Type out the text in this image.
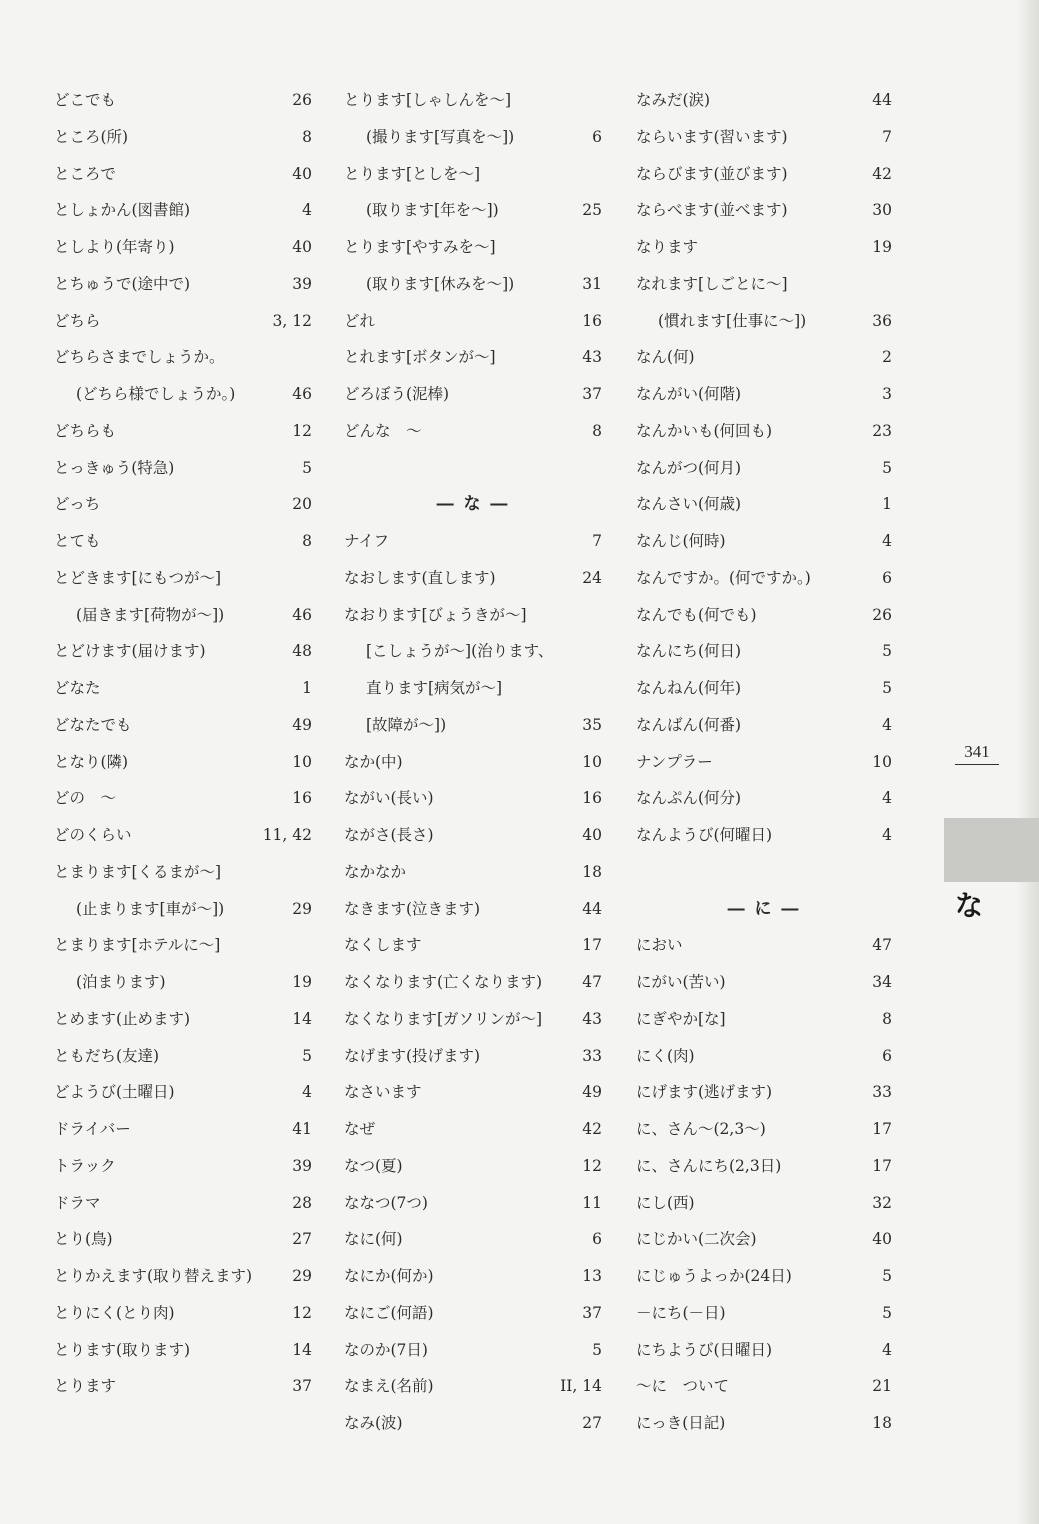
どこでも	26
ところ(所)	8
ところで	40
としょかん(図書館)	4
としより(年寄り)	40
とちゅうで(途中で)	39
どちら	3, 12
どちらさまでしょうか。
(どちら様でしょうか。)	46
どちらも	12
とっきゅう(特急)	5
どっち	20
とても	8
とどきます[にもつが～]
(届きます[荷物が～])	46
とどけます(届けます)	48
どなた	1
どなたでも	49
となり(隣)	10
どの　～	16
どのくらい	11, 42
とまります[くるまが～]
(止まります[車が～])	29
とまります[ホテルに～]
(泊まります)	19
とめます(止めます)	14
ともだち(友達)	5
どようび(土曜日)	4
ドライバー	41
トラック	39
ドラマ	28
とり(鳥)	27
とりかえます(取り替えます)	29
とりにく(とり肉)	12
とります(取ります)	14
とります	37
とります[しゃしんを～]
(撮ります[写真を～])	6
とります[としを～]
(取ります[年を～])	25
とります[やすみを～]
(取ります[休みを～])	31
どれ	16
とれます[ボタンが～]	43
どろぼう(泥棒)	37
どんな　～	8
― な ―
ナイフ	7
なおします(直します)	24
なおります[びょうきが～]
[こしょうが～](治ります、
直ります[病気が～]
[故障が～])	35
なか(中)	10
ながい(長い)	16
ながさ(長さ)	40
なかなか	18
なきます(泣きます)	44
なくします	17
なくなります(亡くなります)	47
なくなります[ガソリンが～]	43
なげます(投げます)	33
なさいます	49
なぜ	42
なつ(夏)	12
ななつ(7つ)	11
なに(何)	6
なにか(何か)	13
なにご(何語)	37
なのか(7日)	5
なまえ(名前)	II, 14
なみ(波)	27
なみだ(涙)	44
ならいます(習います)	7
ならびます(並びます)	42
ならべます(並べます)	30
なります	19
なれます[しごとに～]
(慣れます[仕事に～])	36
なん(何)	2
なんがい(何階)	3
なんかいも(何回も)	23
なんがつ(何月)	5
なんさい(何歳)	1
なんじ(何時)	4
なんですか。(何ですか。)	6
なんでも(何でも)	26
なんにち(何日)	5
なんねん(何年)	5
なんばん(何番)	4
ナンプラー	10
なんぷん(何分)	4
なんようび(何曜日)	4
― に ―
におい	47
にがい(苦い)	34
にぎやか[な]	8
にく(肉)	6
にげます(逃げます)	33
に、さん～(2,3～)	17
に、さんにち(2,3日)	17
にし(西)	32
にじかい(二次会)	40
にじゅうよっか(24日)	5
－にち(－日)	5
にちようび(日曜日)	4
～に　ついて	21
にっき(日記)	18
341
な
